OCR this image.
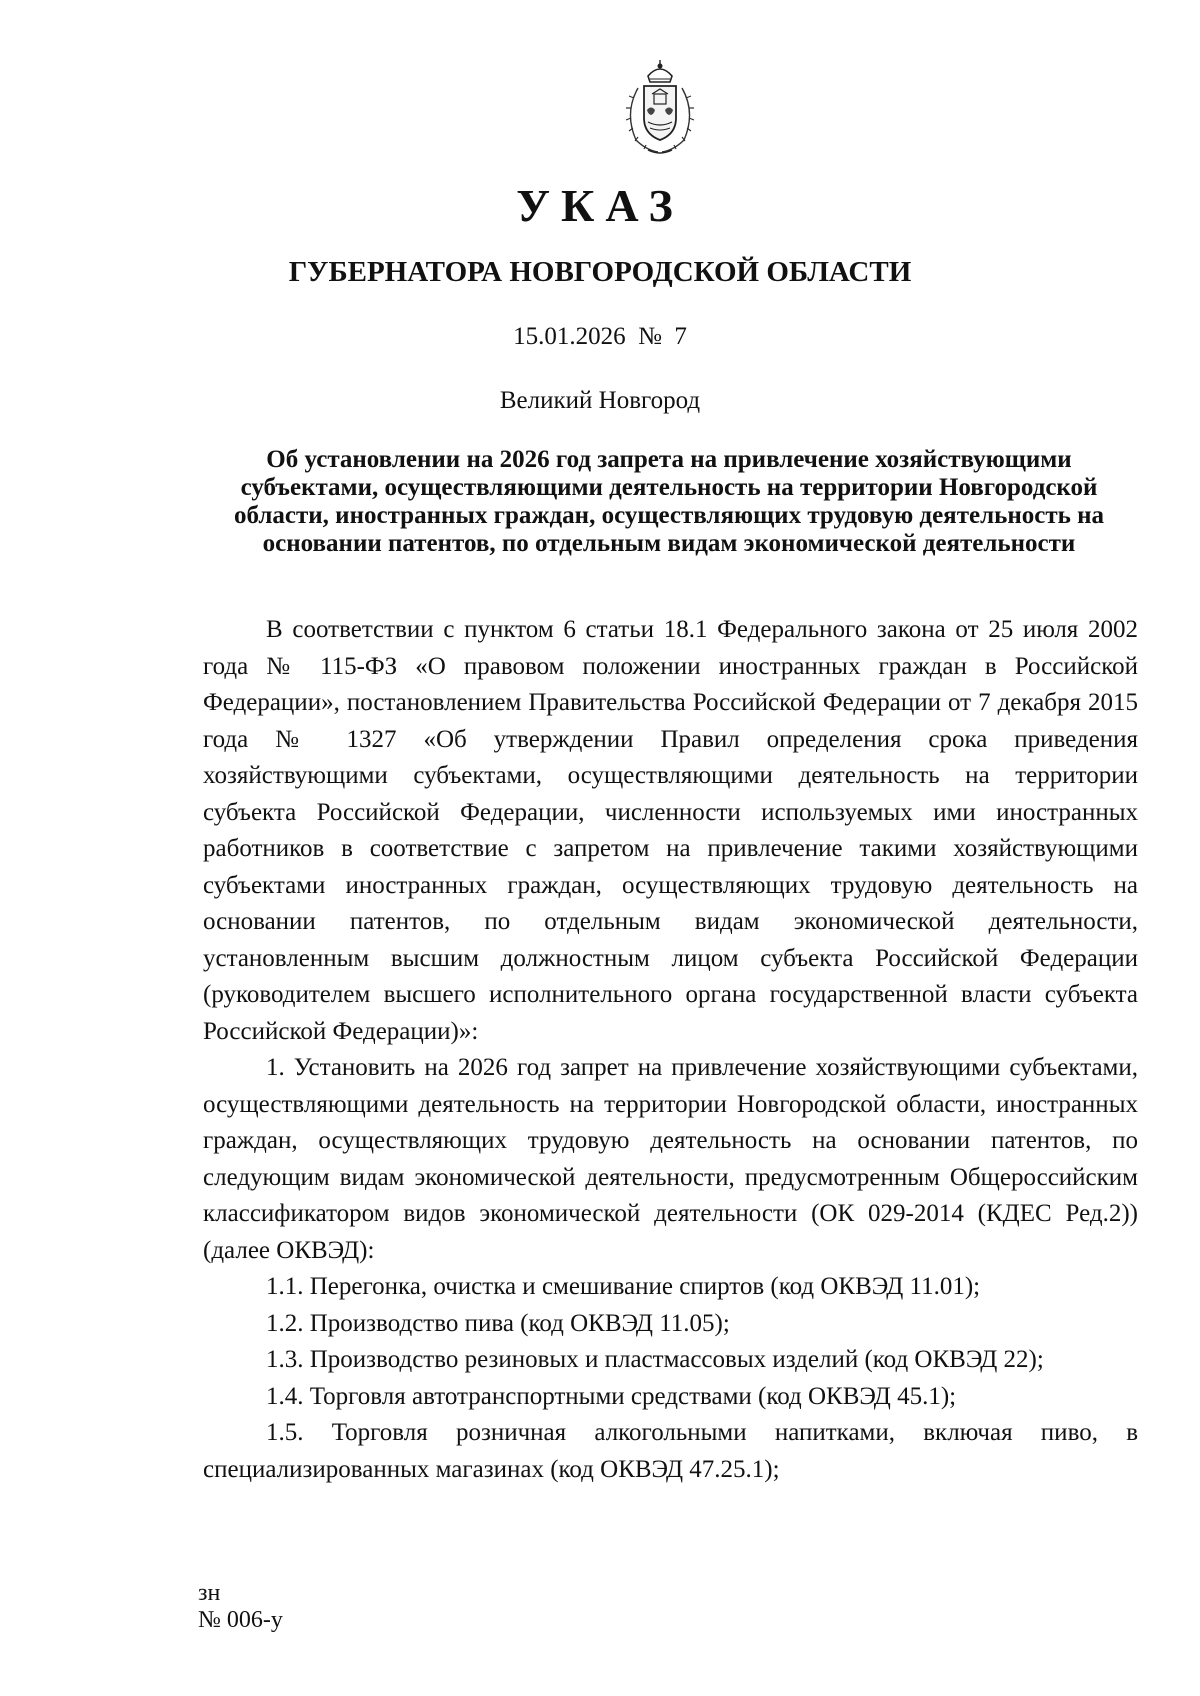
УКАЗ
ГУБЕРНАТОРА НОВГОРОДСКОЙ ОБЛАСТИ
15.01.2026  №  7
Великий Новгород

Об установлении на 2026 год запрета на привлечение хозяйствующими субъектами, осуществляющими деятельность на территории Новгородской области, иностранных граждан, осуществляющих трудовую деятельность на основании патентов, по отдельным видам экономической деятельности

В соответствии с пунктом 6 статьи 18.1 Федерального закона от 25 июля 2002 года № 115-ФЗ «О правовом положении иностранных граждан в Российской Федерации», постановлением Правительства Российской Федерации от 7 декабря 2015 года № 1327 «Об утверждении Правил определения срока приведения хозяйствующими субъектами, осуществляющими деятельность на территории субъекта Российской Федерации, численности используемых ими иностранных работников в соответствие с запретом на привлечение такими хозяйствующими субъектами иностранных граждан, осуществляющих трудовую деятельность на основании патентов, по отдельным видам экономической деятельности, установленным высшим должностным лицом субъекта Российской Федерации (руководителем высшего исполнительного органа государственной власти субъекта Российской Федерации)»:

1. Установить на 2026 год запрет на привлечение хозяйствующими субъектами, осуществляющими деятельность на территории Новгородской области, иностранных граждан, осуществляющих трудовую деятельность на основании патентов, по следующим видам экономической деятельности, предусмотренным Общероссийским классификатором видов экономической деятельности (ОК 029-2014 (КДЕС Ред.2)) (далее ОКВЭД):

1.1. Перегонка, очистка и смешивание спиртов (код ОКВЭД 11.01);

1.2. Производство пива (код ОКВЭД 11.05);

1.3. Производство резиновых и пластмассовых изделий (код ОКВЭД 22);

1.4. Торговля автотранспортными средствами (код ОКВЭД 45.1);

1.5. Торговля розничная алкогольными напитками, включая пиво, в специализированных магазинах (код ОКВЭД 47.25.1);

зн
№ 006-у
